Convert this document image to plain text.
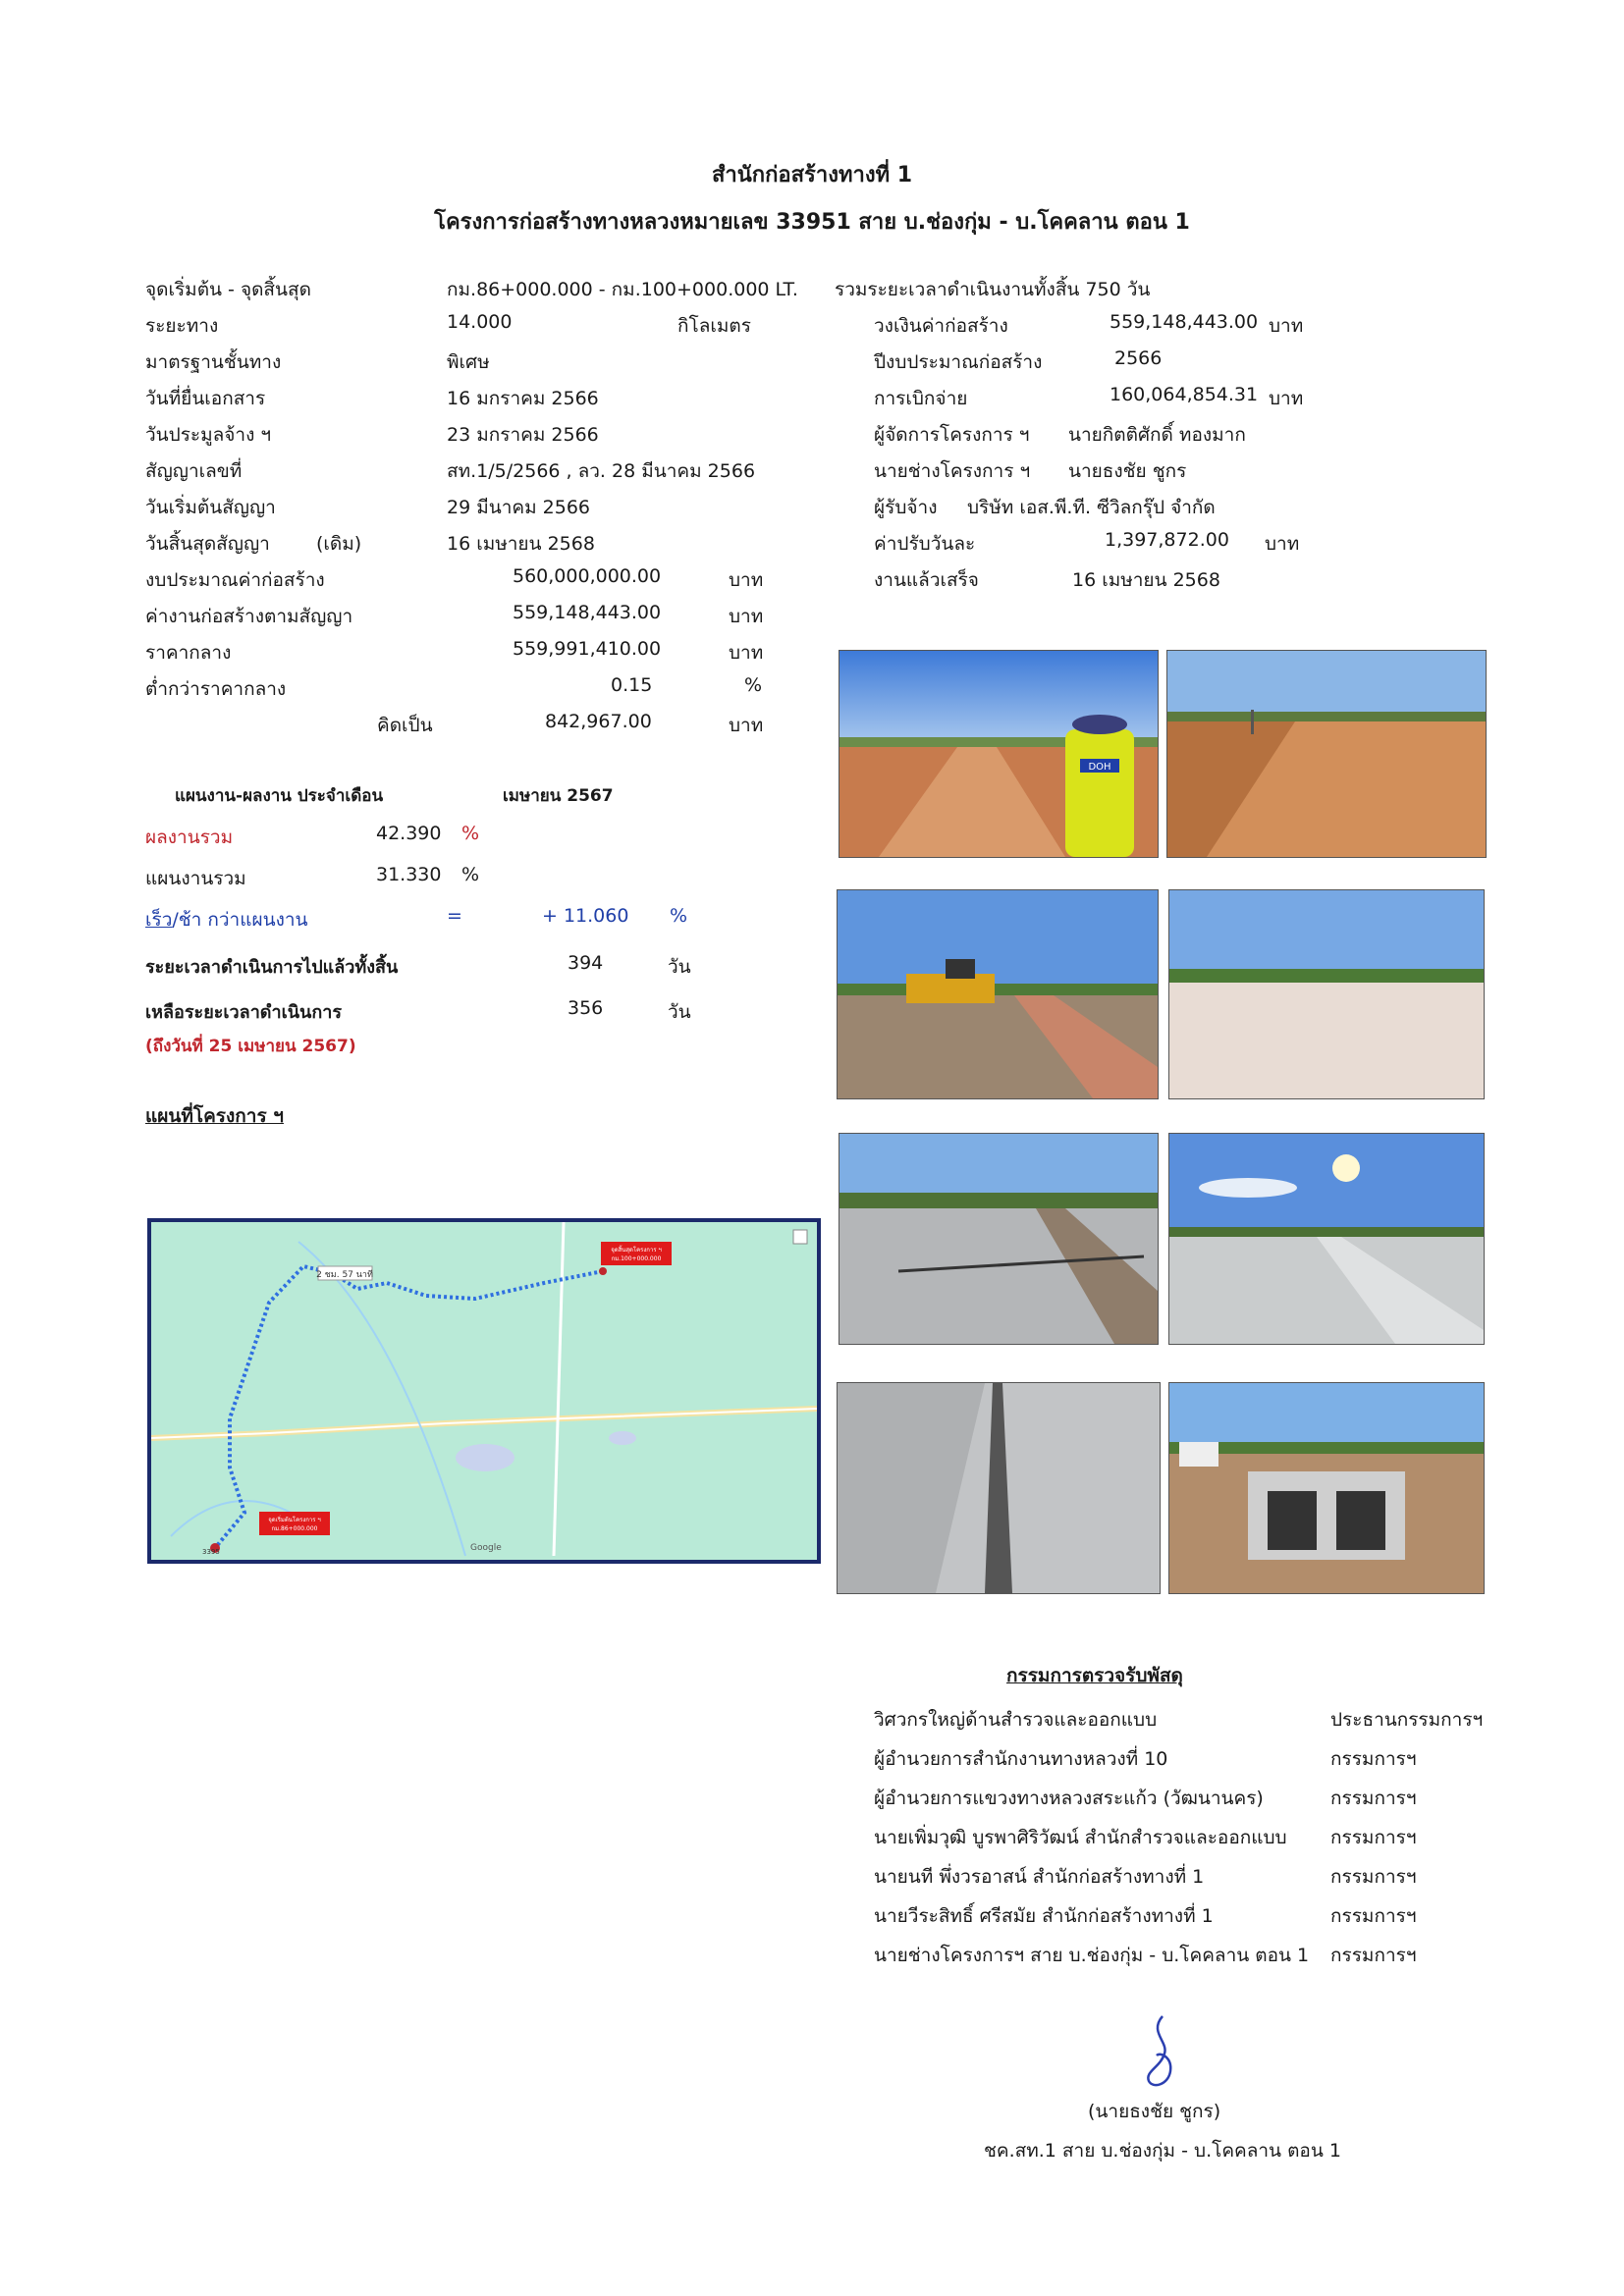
สำนักก่อสร้างทางที่ 1
โครงการก่อสร้างทางหลวงหมายเลข 33951 สาย บ.ช่องกุ่ม - บ.โคคลาน ตอน 1
จุดเริ่มต้น - จุดสิ้นสุด	กม.86+000.000 - กม.100+000.000 LT.
ระยะทาง	14.000	กิโลเมตร
มาตรฐานชั้นทาง	พิเศษ
วันที่ยื่นเอกสาร	16 มกราคม 2566
วันประมูลจ้าง ฯ	23 มกราคม 2566
สัญญาเลขที่	สท.1/5/2566 , ลว. 28 มีนาคม 2566
วันเริ่มต้นสัญญา	29 มีนาคม 2566
วันสิ้นสุดสัญญา (เดิม)	16 เมษายน 2568
รวมระยะเวลาดำเนินงานทั้งสิ้น 750 วัน
วงเงินค่าก่อสร้าง	559,148,443.00 บาท
ปีงบประมาณก่อสร้าง	2566
การเบิกจ่าย	160,064,854.31 บาท
ผู้จัดการโครงการ ฯ นายกิตติศักดิ์ ทองมาก
นายช่างโครงการ ฯ นายธงชัย ชูกร
ผู้รับจ้าง บริษัท เอส.พี.ที. ซีวิลกรุ๊ป จำกัด
ค่าปรับวันละ	1,397,872.00 บาท
งานแล้วเสร็จ	16 เมษายน 2568
งบประมาณค่าก่อสร้าง	560,000,000.00	บาท
ค่างานก่อสร้างตามสัญญา	559,148,443.00	บาท
ราคากลาง	559,991,410.00	บาท
ต่ำกว่าราคากลาง	0.15	%
คิดเป็น	842,967.00	บาท
แผนงาน-ผลงาน ประจำเดือน	เมษายน 2567
ผลงานรวม	42.390 %
แผนงานรวม	31.330 %
เร็ว/ช้า กว่าแผนงาน	=	+ 11.060 %
ระยะเวลาดำเนินการไปแล้วทั้งสิ้น	394	วัน
เหลือระยะเวลาดำเนินการ	356	วัน
(ถึงวันที่ 25 เมษายน 2567)
แผนที่โครงการ ฯ
2 ชม. 57 นาที
จุดสิ้นสุดโครงการ ฯ
กม.100+000.000
จุดเริ่มต้นโครงการ ฯ
กม.86+000.000
3395	Google
DOH
กรรมการตรวจรับพัสดุ
วิศวกรใหญ่ด้านสำรวจและออกแบบ	ประธานกรรมการฯ
ผู้อำนวยการสำนักงานทางหลวงที่ 10	กรรมการฯ
ผู้อำนวยการแขวงทางหลวงสระแก้ว (วัฒนานคร)	กรรมการฯ
นายเพิ่มวุฒิ บูรพาศิริวัฒน์ สำนักสำรวจและออกแบบ กรรมการฯ
นายนที พึ่งวรอาสน์ สำนักก่อสร้างทางที่ 1	กรรมการฯ
นายวีระสิทธิ์ ศรีสมัย สำนักก่อสร้างทางที่ 1	กรรมการฯ
นายช่างโครงการฯ สาย บ.ช่องกุ่ม - บ.โคคลาน ตอน 1 กรรมการฯ
(นายธงชัย ชูกร)
ชค.สท.1 สาย บ.ช่องกุ่ม - บ.โคคลาน ตอน 1
